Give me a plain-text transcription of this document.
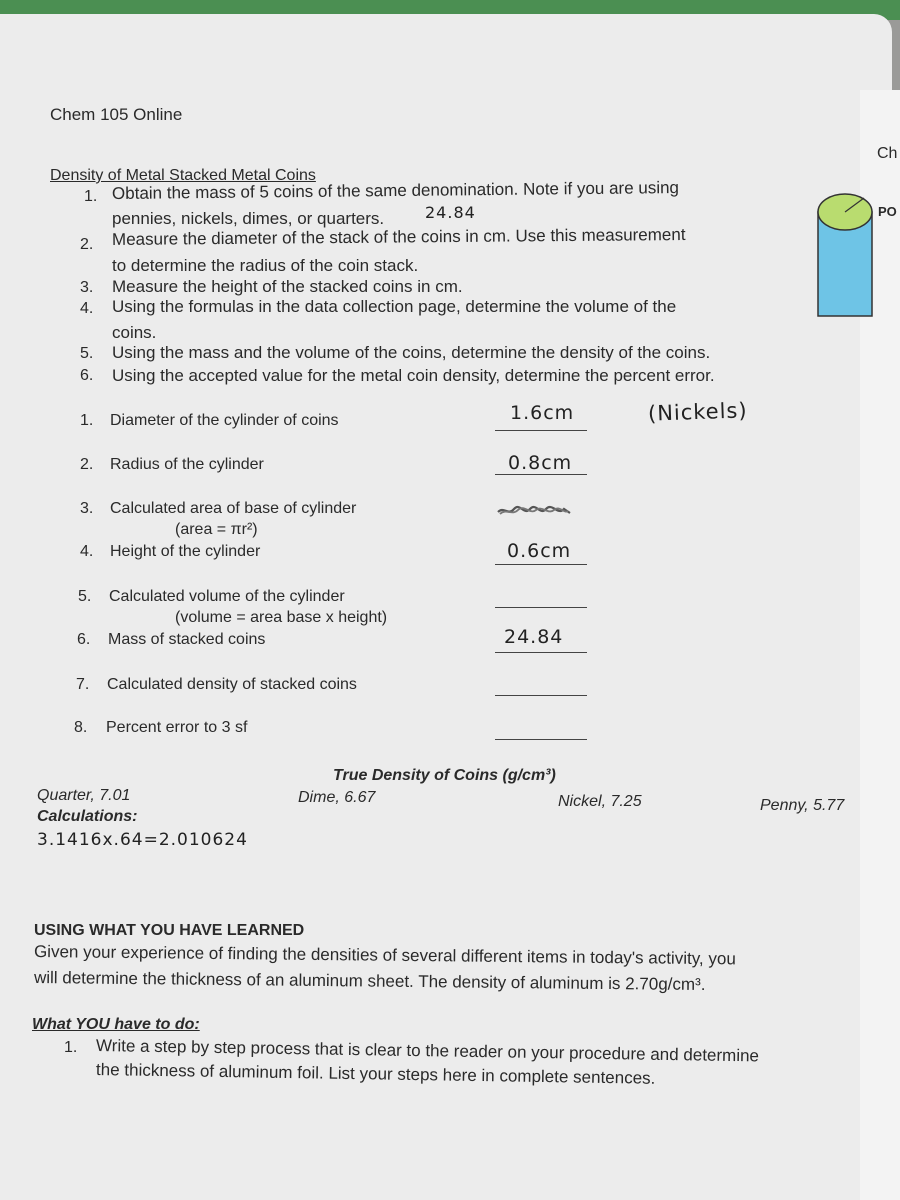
Ch
PO
Chem 105 Online
Density of Metal Stacked Metal Coins
1. Obtain the mass of 5 coins of the same denomination. Note if you are using
pennies, nickels, dimes, or quarters.	24.84
2. Measure the diameter of the stack of the coins in cm. Use this measurement
to determine the radius of the coin stack.
3. Measure the height of the stacked coins in cm.
4. Using the formulas in the data collection page, determine the volume of the
coins.
5. Using the mass and the volume of the coins, determine the density of the coins.
6. Using the accepted value for the metal coin density, determine the percent error.
1. Diameter of the cylinder of coins	1.6cm	(Nickels)
2. Radius of the cylinder	0.8cm
3. Calculated area of base of cylinder
(area = πr²)
4. Height of the cylinder	0.6cm
5. Calculated volume of the cylinder
(volume = area base x height)
6. Mass of stacked coins	24.84
7. Calculated density of stacked coins
8. Percent error to 3 sf
True Density of Coins (g/cm³)
Quarter, 7.01	Dime, 6.67	Nickel, 7.25	Penny, 5.77
Calculations:
3.1416x.64=2.010624
USING WHAT YOU HAVE LEARNED
Given your experience of finding the densities of several different items in today's activity, you
will determine the thickness of an aluminum sheet. The density of aluminum is 2.70g/cm³.
What YOU have to do:
1. Write a step by step process that is clear to the reader on your procedure and determine
the thickness of aluminum foil. List your steps here in complete sentences.
